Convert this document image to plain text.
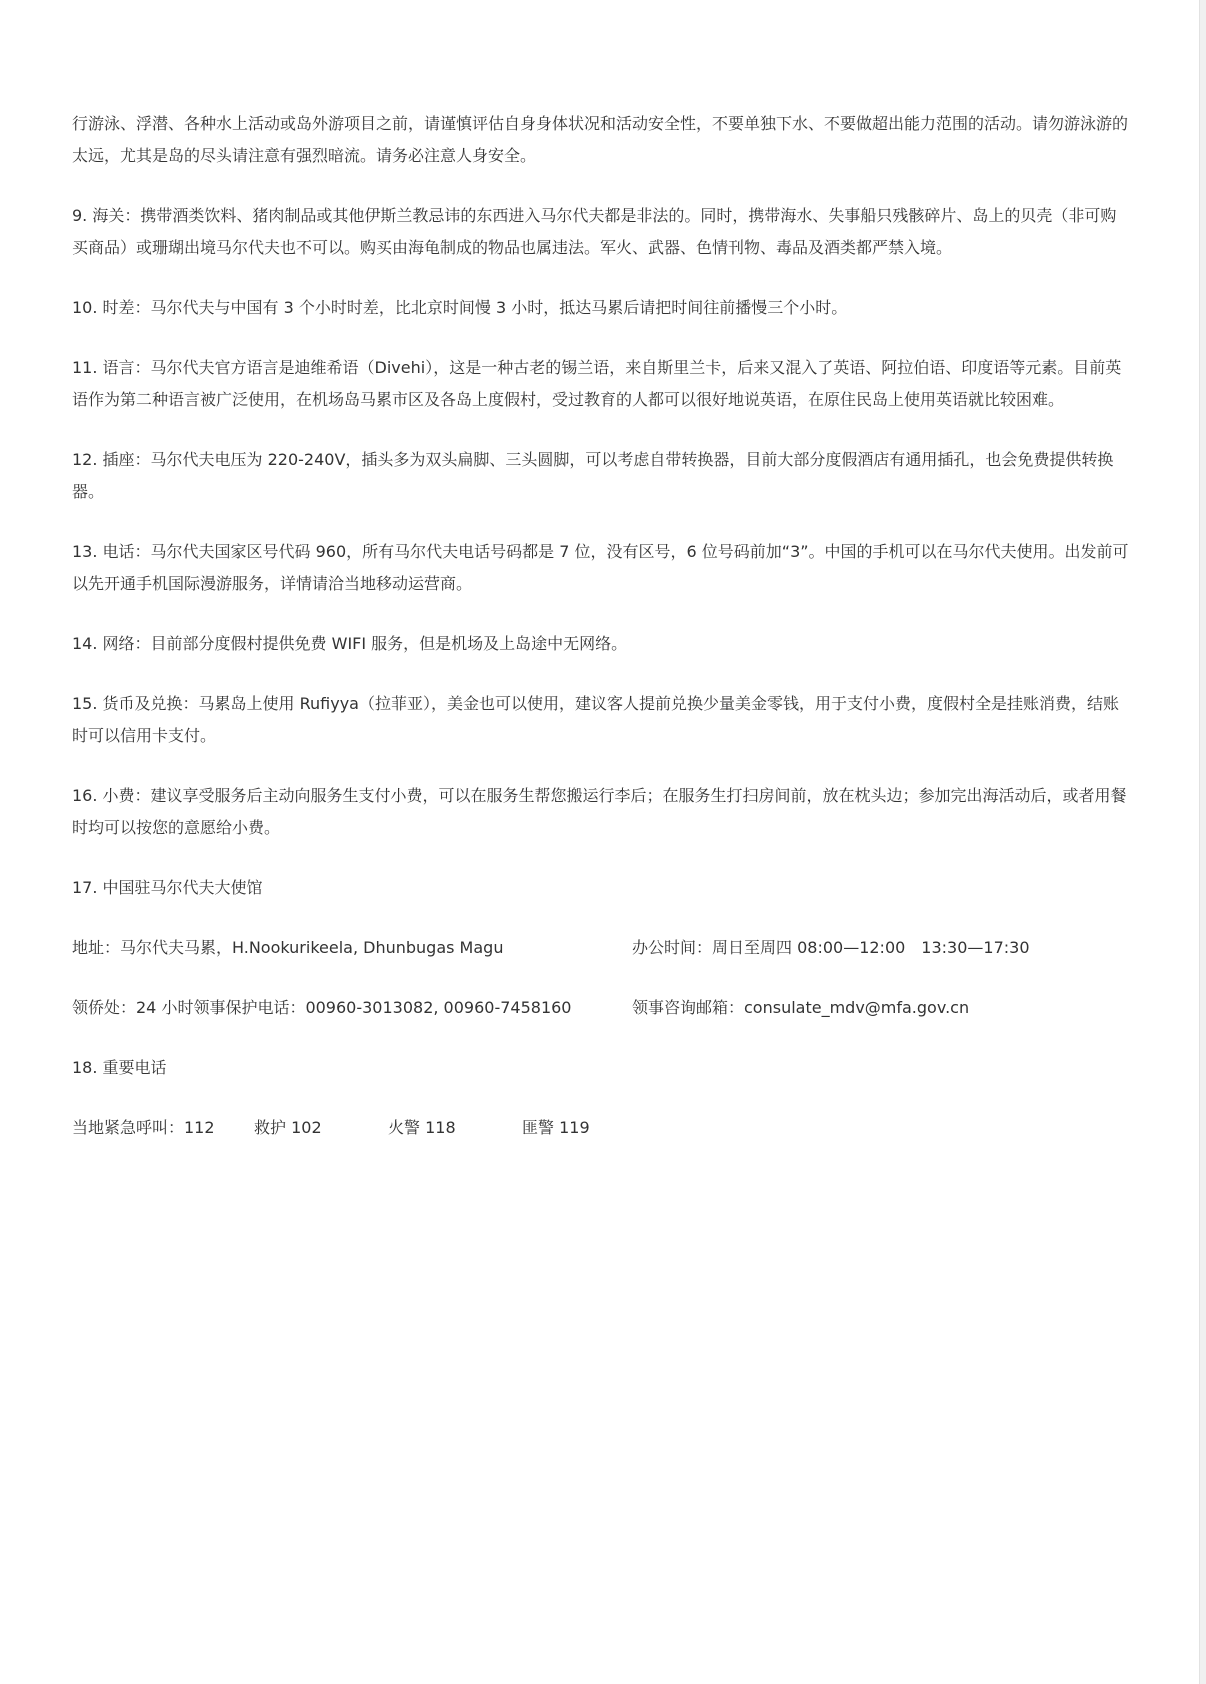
行游泳、浮潜、各种水上活动或岛外游项目之前，请谨慎评估自身身体状况和活动安全性，不要单独下水、不要做超出能力范围的活动。请勿游泳游的太远，尤其是岛的尽头请注意有强烈暗流。请务必注意人身安全。

9. 海关：携带酒类饮料、猪肉制品或其他伊斯兰教忌讳的东西进入马尔代夫都是非法的。同时，携带海水、失事船只残骸碎片、岛上的贝壳（非可购买商品）或珊瑚出境马尔代夫也不可以。购买由海龟制成的物品也属违法。军火、武器、色情刊物、毒品及酒类都严禁入境。

10. 时差：马尔代夫与中国有 3 个小时时差，比北京时间慢 3 小时，抵达马累后请把时间往前播慢三个小时。

11. 语言：马尔代夫官方语言是迪维希语（Divehi），这是一种古老的锡兰语，来自斯里兰卡，后来又混入了英语、阿拉伯语、印度语等元素。目前英语作为第二种语言被广泛使用，在机场岛马累市区及各岛上度假村，受过教育的人都可以很好地说英语，在原住民岛上使用英语就比较困难。

12. 插座：马尔代夫电压为 220-240V，插头多为双头扁脚、三头圆脚，可以考虑自带转换器，目前大部分度假酒店有通用插孔，也会免费提供转换器。

13. 电话：马尔代夫国家区号代码 960，所有马尔代夫电话号码都是 7 位，没有区号，6 位号码前加“3”。中国的手机可以在马尔代夫使用。出发前可以先开通手机国际漫游服务，详情请洽当地移动运营商。

14. 网络：目前部分度假村提供免费 WIFI 服务，但是机场及上岛途中无网络。

15. 货币及兑换：马累岛上使用 Rufiyya（拉菲亚），美金也可以使用，建议客人提前兑换少量美金零钱，用于支付小费，度假村全是挂账消费，结账时可以信用卡支付。

16. 小费：建议享受服务后主动向服务生支付小费，可以在服务生帮您搬运行李后；在服务生打扫房间前，放在枕头边；参加完出海活动后，或者用餐时均可以按您的意愿给小费。

17. 中国驻马尔代夫大使馆

地址：马尔代夫马累，H.Nookurikeela, Dhunbugas Magu	办公时间：周日至周四 08:00—12:00　13:30—17:30
领侨处：24 小时领事保护电话：00960-3013082, 00960-7458160	领事咨询邮箱：consulate_mdv@mfa.gov.cn

18. 重要电话

当地紧急呼叫：112	救护 102	火警 118	匪警 119
